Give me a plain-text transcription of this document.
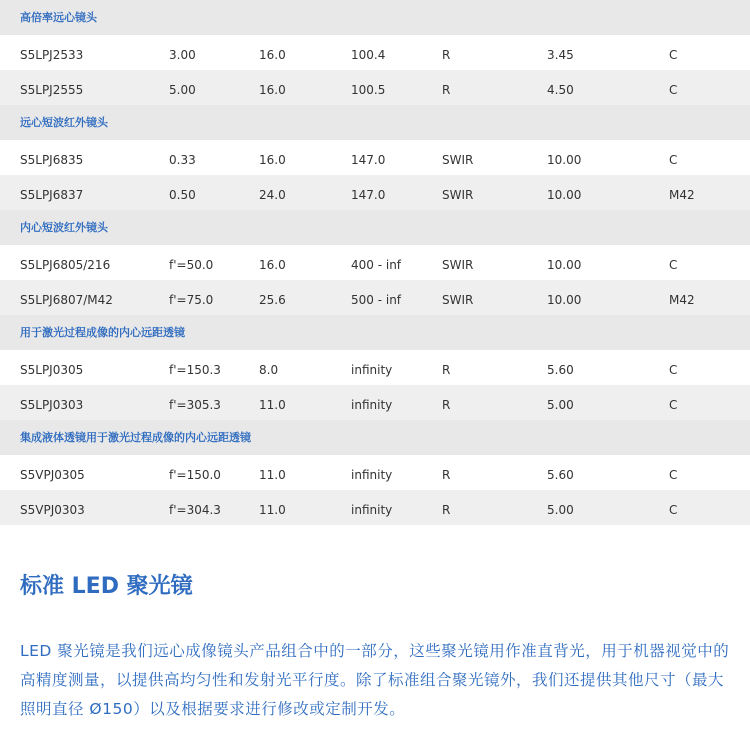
高倍率远心镜头
S5LPJ2533	3.00	16.0	100.4	R	3.45	C
S5LPJ2555	5.00	16.0	100.5	R	4.50	C
远心短波红外镜头
S5LPJ6835	0.33	16.0	147.0	SWIR	10.00	C
S5LPJ6837	0.50	24.0	147.0	SWIR	10.00	M42
内心短波红外镜头
S5LPJ6805/216	f'=50.0	16.0	400 - inf	SWIR	10.00	C
S5LPJ6807/M42	f'=75.0	25.6	500 - inf	SWIR	10.00	M42
用于激光过程成像的内心远距透镜
S5LPJ0305	f'=150.3	8.0	infinity	R	5.60	C
S5LPJ0303	f'=305.3	11.0	infinity	R	5.00	C
集成液体透镜用于激光过程成像的内心远距透镜
S5VPJ0305	f'=150.0	11.0	infinity	R	5.60	C
S5VPJ0303	f'=304.3	11.0	infinity	R	5.00	C
标准 LED 聚光镜

LED 聚光镜是我们远心成像镜头产品组合中的一部分，这些聚光镜用作准直背光，用于机器视觉中的高精度测量，以提供高均匀性和发射光平行度。除了标准组合聚光镜外，我们还提供其他尺寸（最大照明直径 Ø150）以及根据要求进行修改或定制开发。
